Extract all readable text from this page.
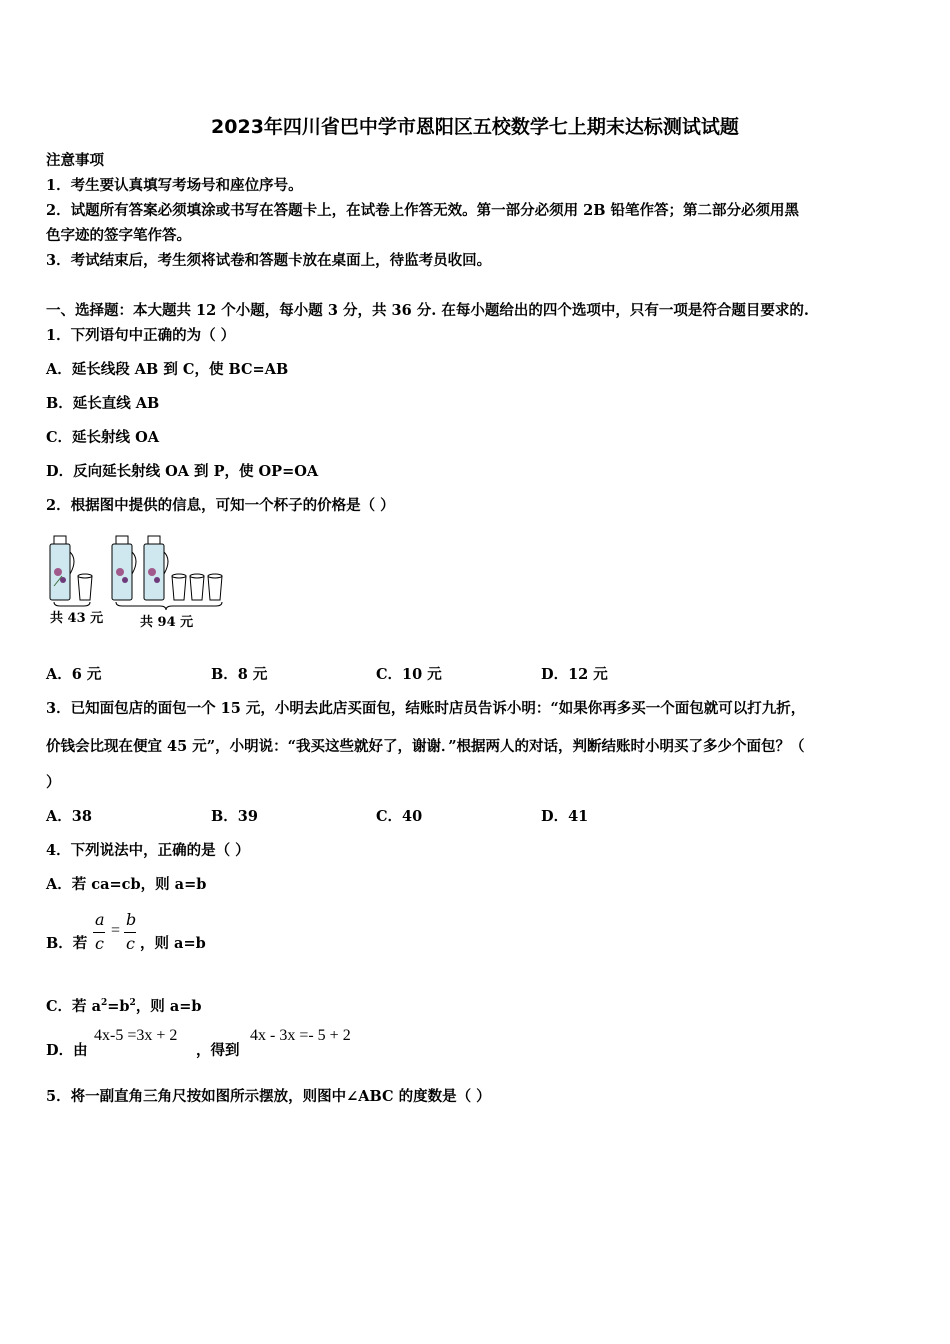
2023年四川省巴中学市恩阳区五校数学七上期末达标测试试题
注意事项
1．考生要认真填写考场号和座位序号。
2．试题所有答案必须填涂或书写在答题卡上，在试卷上作答无效。第一部分必须用 2B 铅笔作答；第二部分必须用黑
色字迹的签字笔作答。
3．考试结束后，考生须将试卷和答题卡放在桌面上，待监考员收回。
一、选择题：本大题共 12 个小题，每小题 3 分，共 36 分. 在每小题给出的四个选项中，只有一项是符合题目要求的.
1．下列语句中正确的为（ ）
A．延长线段 AB 到 C，使 BC=AB
B．延长直线 AB
C．延长射线 OA
D．反向延长射线 OA 到 P，使 OP=OA
2．根据图中提供的信息，可知一个杯子的价格是（ ）
共 43 元	共 94 元
A．6 元	B．8 元	C．10 元	D．12 元
3．已知面包店的面包一个 15 元，小明去此店买面包，结账时店员告诉小明：“如果你再多买一个面包就可以打九折，
价钱会比现在便宜 45 元”，小明说：“我买这些就好了，谢谢．”根据两人的对话，判断结账时小明买了多少个面包？（
）
A．38	B．39	C．40	D．41
4．下列说法中，正确的是（ ）
A．若 ca=cb，则 a=b
B．若
a
c
=
b
c ，则 a=b
C．若 $a^2=b^2$，则 a=b
D．由
4x-5 =3x + 2
，得到
4x - 3x =- 5 + 2
5．将一副直角三角尺按如图所示摆放，则图中∠ABC 的度数是（ ）
